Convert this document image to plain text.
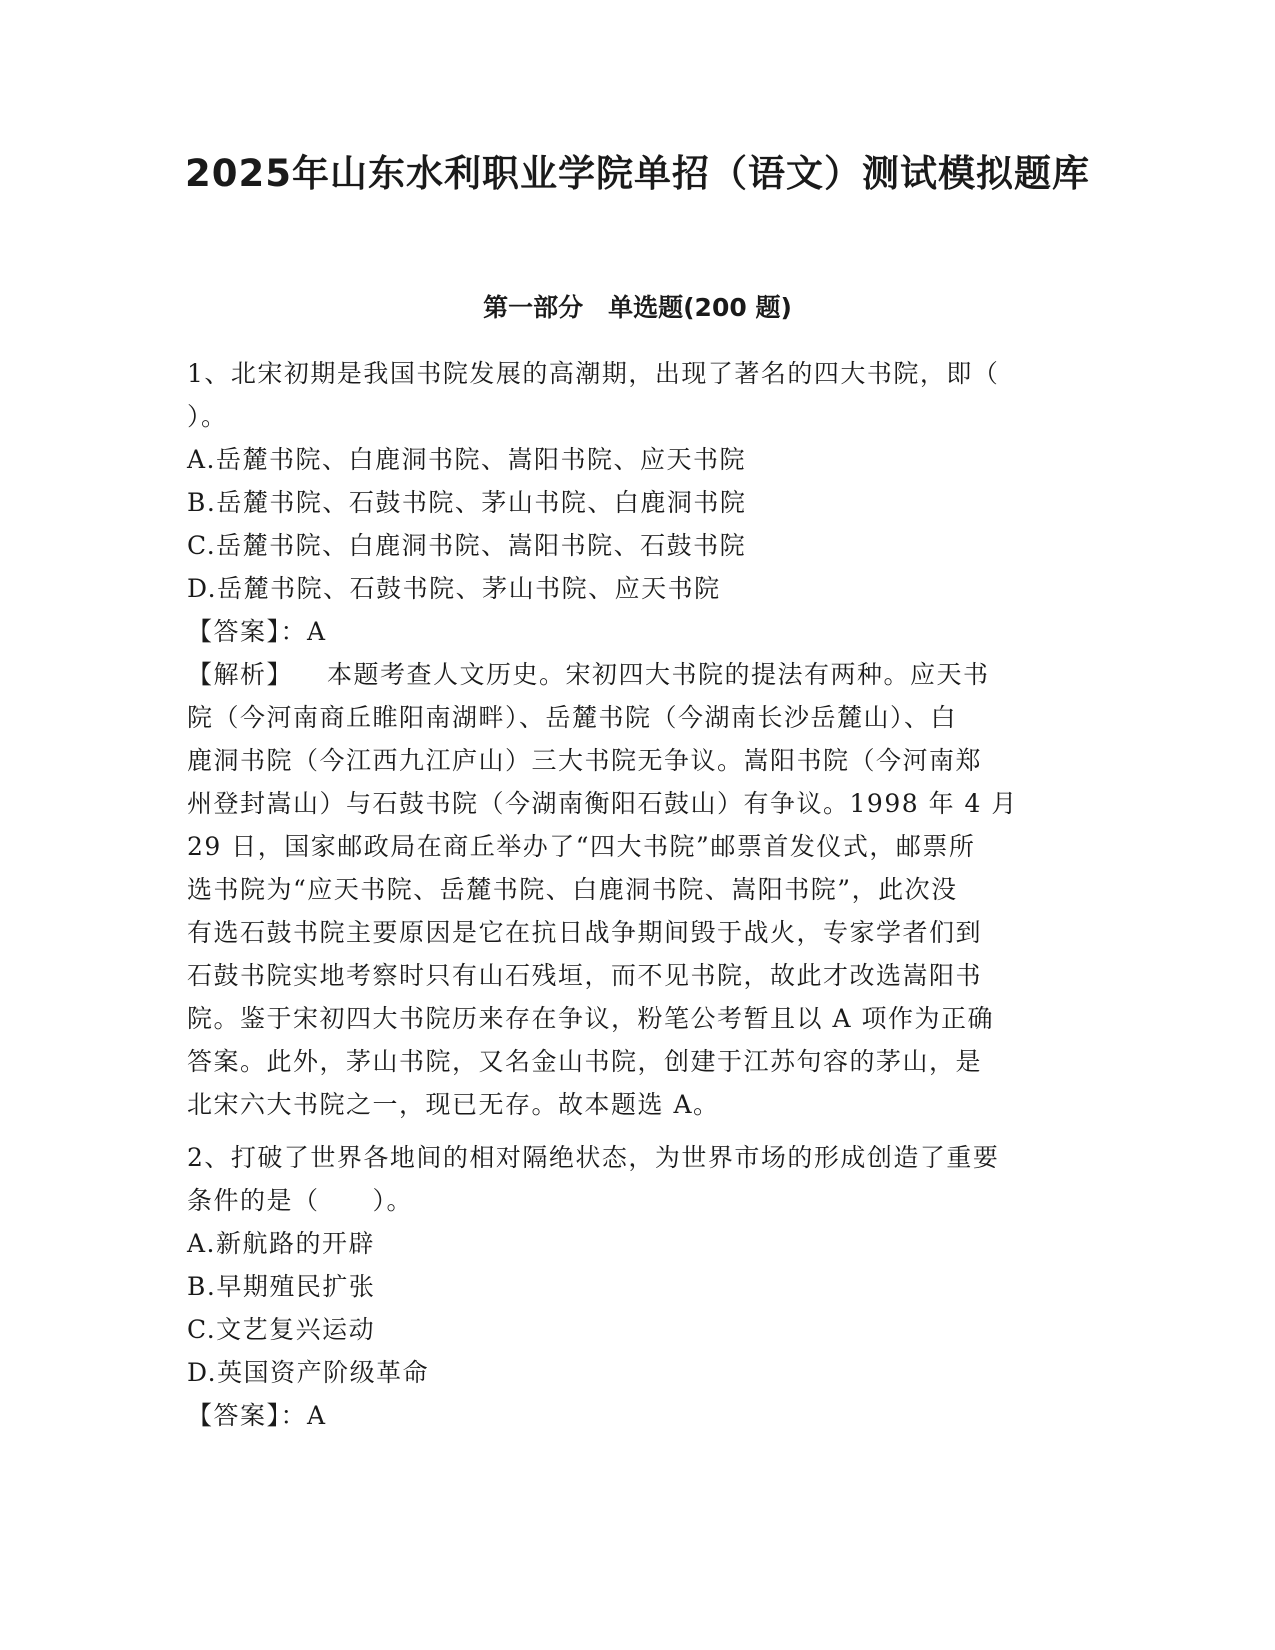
2025年山东水利职业学院单招（语文）测试模拟题库
第一部分　单选题(200 题)

1、北宋初期是我国书院发展的高潮期，出现了著名的四大书院，即（

）。

A.岳麓书院、白鹿洞书院、嵩阳书院、应天书院

B.岳麓书院、石鼓书院、茅山书院、白鹿洞书院

C.岳麓书院、白鹿洞书院、嵩阳书院、石鼓书院

D.岳麓书院、石鼓书院、茅山书院、应天书院

【答案】：A

【解析】 本题考查人文历史。宋初四大书院的提法有两种。应天书

院（今河南商丘睢阳南湖畔）、岳麓书院（今湖南长沙岳麓山）、白

鹿洞书院（今江西九江庐山）三大书院无争议。嵩阳书院（今河南郑

州登封嵩山）与石鼓书院（今湖南衡阳石鼓山）有争议。1998 年 4 月

29 日，国家邮政局在商丘举办了“四大书院”邮票首发仪式，邮票所

选书院为“应天书院、岳麓书院、白鹿洞书院、嵩阳书院”，此次没

有选石鼓书院主要原因是它在抗日战争期间毁于战火，专家学者们到

石鼓书院实地考察时只有山石残垣，而不见书院，故此才改选嵩阳书

院。鉴于宋初四大书院历来存在争议，粉笔公考暂且以 A 项作为正确

答案。此外，茅山书院，又名金山书院，创建于江苏句容的茅山，是

北宋六大书院之一，现已无存。故本题选 A。

2、打破了世界各地间的相对隔绝状态，为世界市场的形成创造了重要

条件的是（　　）。

A.新航路的开辟

B.早期殖民扩张

C.文艺复兴运动

D.英国资产阶级革命

【答案】：A
